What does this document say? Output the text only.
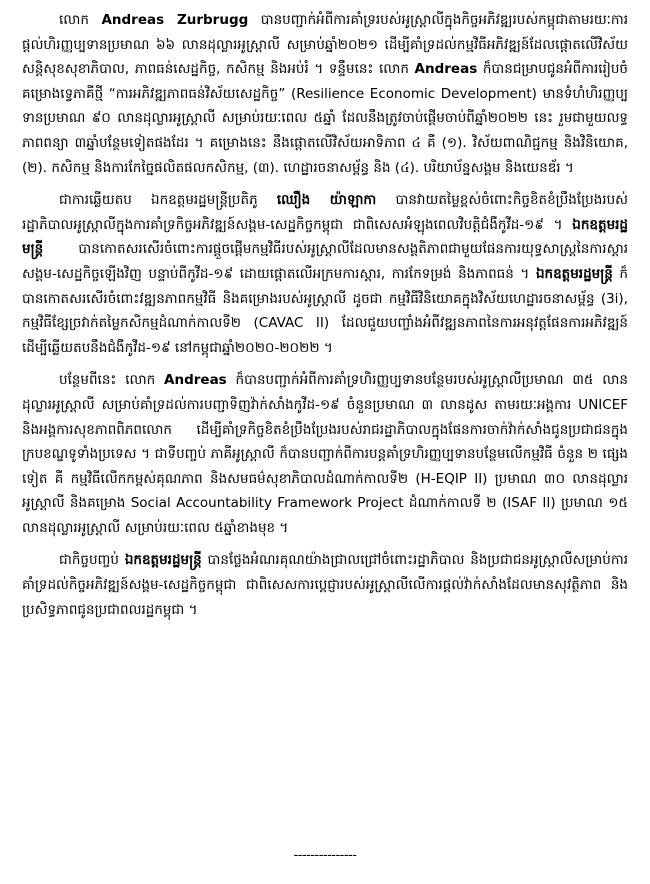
លោក Andreas Zurbrugg បានបញ្ជាក់អំពីការគាំទ្ររបស់អូស្ត្រាលីក្នុងកិច្ចអភិវឌ្ឍរបស់កម្ពុជាតាមរយៈការផ្តល់ហិរញ្ញប្បទានប្រមាណ ៦៦ លានដុល្លារអូស្ត្រាលី សម្រាប់ឆ្នាំ២០២១ ដើម្បីគាំទ្រដល់កម្មវិធីអភិវឌ្ឍន៍ដែលផ្តោតលើវិស័យសន្តិសុខសុខាភិបាល, ភាពធន់សេដ្ឋកិច្ច, កសិកម្ម និងអប់រំ ។ ទន្ទឹមនេះ លោក Andreas ក៏បានជម្រាបជូនអំពីការរៀបចំគម្រោងទ្វេភាគីថ្មី “ការអភិវឌ្ឍភាពធន់វិស័យសេដ្ឋកិច្ច” (Resilience Economic Development) មានទំហំហិរញ្ញប្បទានប្រមាណ ៩០ លានដុល្លារអូស្ត្រាលី សម្រាប់រយៈពេល ៥ឆ្នាំ ដែលនឹងត្រូវចាប់ផ្តើមចាប់ពីឆ្នាំ២០២២ នេះ រួមជាមួយលទ្ធភាពពន្យា ៣ឆ្នាំបន្ថែមទៀតផងដែរ ។ គម្រោងនេះ នឹងផ្តោតលើវិស័យអាទិភាព ៤ គឺ (១). វិស័យពាណិជ្ជកម្ម និងវិនិយោគ, (២). កសិកម្ម និងការកែច្នៃផលិតផលកសិកម្ម, (៣). ហេដ្ឋារចនាសម្ព័ន្ធ និង (៤). បរិយាប័ន្នសង្គម និងយេនឌ័រ ។

ជាការឆ្លើយតប ឯកឧត្តមរដ្ឋមន្ត្រីប្រតិភូ ឈឿង យ៉ាឡាកា បានវាយតម្លៃខ្ពស់ចំពោះកិច្ចខិតខំប្រឹងប្រែងរបស់រដ្ឋាភិបាលអូស្ត្រាលីក្នុងការគាំទ្រកិច្ចអភិវឌ្ឍន៍សង្គម-សេដ្ឋកិច្ចកម្ពុជា ជាពិសេសអំឡុងពេលវិបត្តិជំងឺកូវីដ-១៩ ។ ឯកឧត្តមរដ្ឋមន្ត្រី បានកោតសរសើរចំពោះការផ្តួចផ្តើមកម្មវិធីរបស់អូស្ត្រាលីដែលមានសង្គតិភាពជាមួយផែនការយុទ្ធសាស្ត្រនៃការស្តារសង្គម-សេដ្ឋកិច្ចឡើងវិញ បន្ទាប់ពីកូវីដ-១៩ ដោយផ្តោតលើអក្រមការស្តារ, ការកែទម្រង់ និងភាពធន់ ។ ឯកឧត្តមរដ្ឋមន្ត្រី ក៏បានកោតសរសើរចំពោះវឌ្ឍនភាពកម្មវិធី និងគម្រោងរបស់អូស្ត្រាលី ដូចជា កម្មវិធីវិនិយោគក្នុងវិស័យហេដ្ឋារចនាសម្ព័ន្ធ (3i), កម្មវិធីខ្សែច្រវាក់តម្លៃកសិកម្មដំណាក់កាលទី២ (CAVAC II) ដែលជួយបញ្ចាំងអំពីវឌ្ឍនភាពនៃការអនុវត្តផែនការអភិវឌ្ឍន៍ដើម្បីឆ្លើយតបនឹងជំងឺកូវីដ-១៩ នៅកម្ពុជាឆ្នាំ២០២០-២០២២ ។

បន្ថែមពីនេះ លោក Andreas ក៏បានបញ្ជាក់អំពីការគាំទ្រហិរញ្ញប្បទានបន្ថែមរបស់អូស្ត្រាលីប្រមាណ ៣៥ លានដុល្លារអូស្ត្រាលី សម្រាប់គាំទ្រដល់ការបញ្ជាទិញវ៉ាក់សាំងកូវីដ-១៩ ចំនួនប្រមាណ ៣ លានដូស តាមរយៈអង្គការ UNICEF និងអង្គការសុខភាពពិភពលោក ដើម្បីគាំទ្រកិច្ចខិតខំប្រឹងប្រែងរបស់រាជរដ្ឋាភិបាលក្នុងផែនការចាក់វ៉ាក់សាំងជូនប្រជាជនក្នុងក្របខណ្ឌទូទាំងប្រទេស ។ ជាទីបញ្ចប់ ភាគីអូស្ត្រាលី ក៏បានបញ្ជាក់ពីការបន្តគាំទ្រហិរញ្ញប្បទានបន្ថែមលើកម្មវិធី ចំនួន ២ ផ្សេងទៀត គឺ កម្មវិធីលើកកម្ពស់គុណភាព និងសមធម៌សុខាភិបាលដំណាក់កាលទី២ (H-EQIP II) ប្រមាណ ៣០ លានដុល្លារអូស្ត្រាលី និងគម្រោង Social Accountability Framework Project ដំណាក់កាលទី ២ (ISAF II) ប្រមាណ ១៥ លានដុល្លារអូស្ត្រាលី សម្រាប់រយៈពេល ៥ឆ្នាំខាងមុខ ។

ជាកិច្ចបញ្ចប់ ឯកឧត្តមរដ្ឋមន្ត្រី បានថ្លែងអំណរគុណយ៉ាងជ្រាលជ្រៅចំពោះរដ្ឋាភិបាល និងប្រជាជនអូស្ត្រាលីសម្រាប់ការគាំទ្រដល់កិច្ចអភិវឌ្ឍន៍សង្គម-សេដ្ឋកិច្ចកម្ពុជា ជាពិសេសការប្តេជ្ញារបស់អូស្ត្រាលីលើការផ្តល់វ៉ាក់សាំងដែលមានសុវត្ថិភាព និងប្រសិទ្ធភាពជូនប្រជាពលរដ្ឋកម្ពុជា ។

---------------
